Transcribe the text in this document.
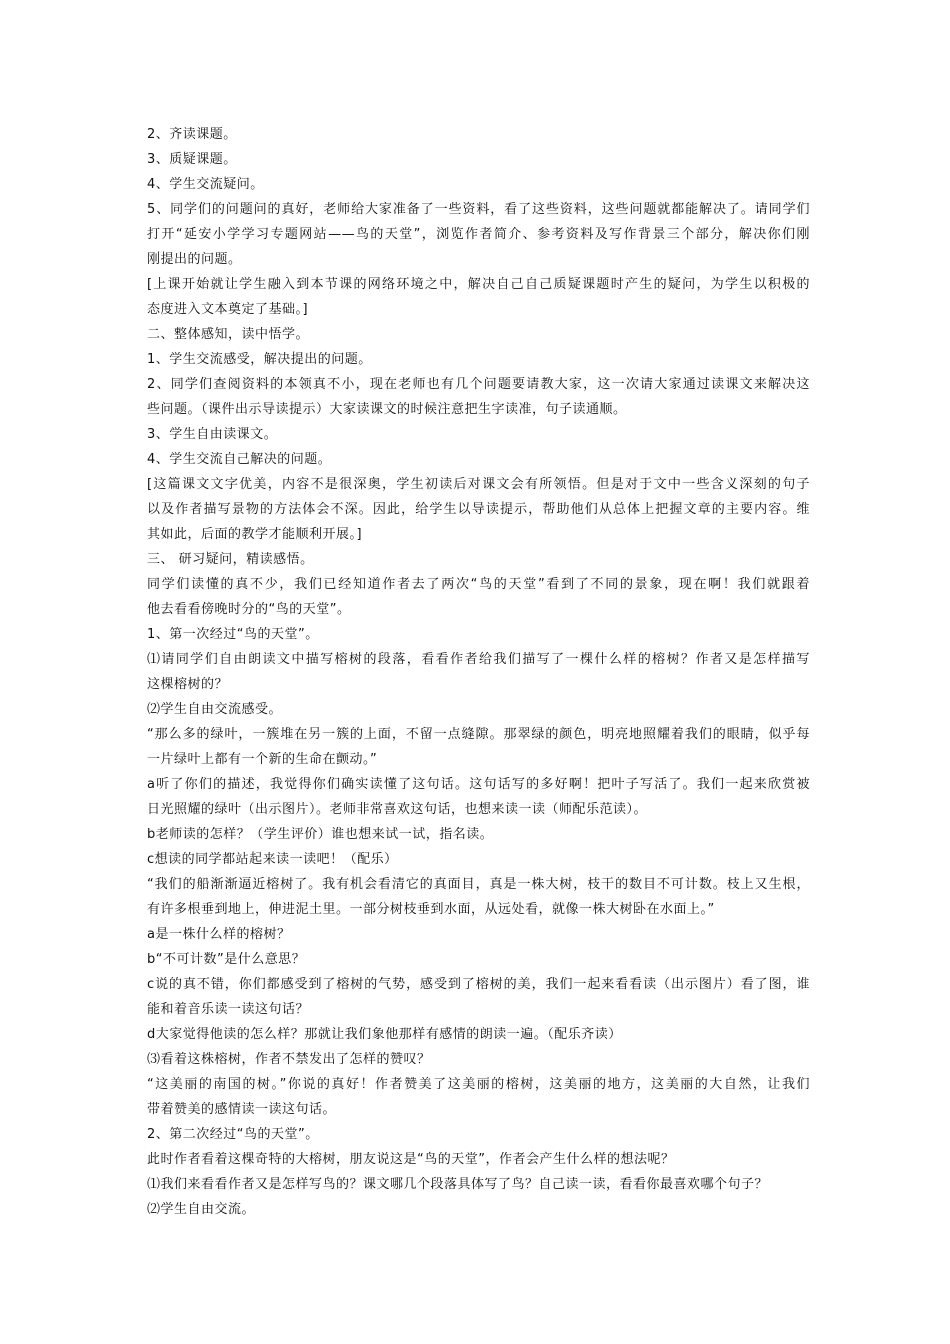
2、齐读课题。
3、质疑课题。
4、学生交流疑问。
5、同学们的问题问的真好，老师给大家准备了一些资料，看了这些资料，这些问题就都能解决了。请同学们
打开“延安小学学习专题网站——鸟的天堂”，浏览作者简介、参考资料及写作背景三个部分，解决你们刚
刚提出的问题。
[上课开始就让学生融入到本节课的网络环境之中，解决自己自己质疑课题时产生的疑问，为学生以积极的
态度进入文本奠定了基础。]
二、整体感知，读中悟学。
1、学生交流感受，解决提出的问题。
2、同学们查阅资料的本领真不小，现在老师也有几个问题要请教大家，这一次请大家通过读课文来解决这
些问题。（课件出示导读提示）大家读课文的时候注意把生字读准，句子读通顺。
3、学生自由读课文。
4、学生交流自己解决的问题。
[这篇课文文字优美，内容不是很深奥，学生初读后对课文会有所领悟。但是对于文中一些含义深刻的句子
以及作者描写景物的方法体会不深。因此，给学生以导读提示，帮助他们从总体上把握文章的主要内容。维
其如此，后面的教学才能顺利开展。]
三、 研习疑问，精读感悟。
同学们读懂的真不少，我们已经知道作者去了两次“鸟的天堂”看到了不同的景象，现在啊！我们就跟着
他去看看傍晚时分的“鸟的天堂”。
1、第一次经过“鸟的天堂”。
⑴请同学们自由朗读文中描写榕树的段落，看看作者给我们描写了一棵什么样的榕树？作者又是怎样描写
这棵榕树的？
⑵学生自由交流感受。
“那么多的绿叶，一簇堆在另一簇的上面，不留一点缝隙。那翠绿的颜色，明亮地照耀着我们的眼睛，似乎每
一片绿叶上都有一个新的生命在颤动。”
a听了你们的描述，我觉得你们确实读懂了这句话。这句话写的多好啊！把叶子写活了。我们一起来欣赏被
日光照耀的绿叶（出示图片）。老师非常喜欢这句话，也想来读一读（师配乐范读）。
b老师读的怎样？（学生评价）谁也想来试一试，指名读。
c想读的同学都站起来读一读吧！（配乐）
“我们的船渐渐逼近榕树了。我有机会看清它的真面目，真是一株大树，枝干的数目不可计数。枝上又生根，
有许多根垂到地上，伸进泥土里。一部分树枝垂到水面，从远处看，就像一株大树卧在水面上。”
a是一株什么样的榕树？
b“不可计数”是什么意思？
c说的真不错，你们都感受到了榕树的气势，感受到了榕树的美，我们一起来看看读（出示图片）看了图，谁
能和着音乐读一读这句话？
d大家觉得他读的怎么样？那就让我们象他那样有感情的朗读一遍。（配乐齐读）
⑶看着这株榕树，作者不禁发出了怎样的赞叹？
“这美丽的南国的树。”你说的真好！作者赞美了这美丽的榕树，这美丽的地方，这美丽的大自然，让我们
带着赞美的感情读一读这句话。
2、第二次经过“鸟的天堂”。
此时作者看着这棵奇特的大榕树，朋友说这是“鸟的天堂”，作者会产生什么样的想法呢？
⑴我们来看看作者又是怎样写鸟的？课文哪几个段落具体写了鸟？自己读一读，看看你最喜欢哪个句子？
⑵学生自由交流。
